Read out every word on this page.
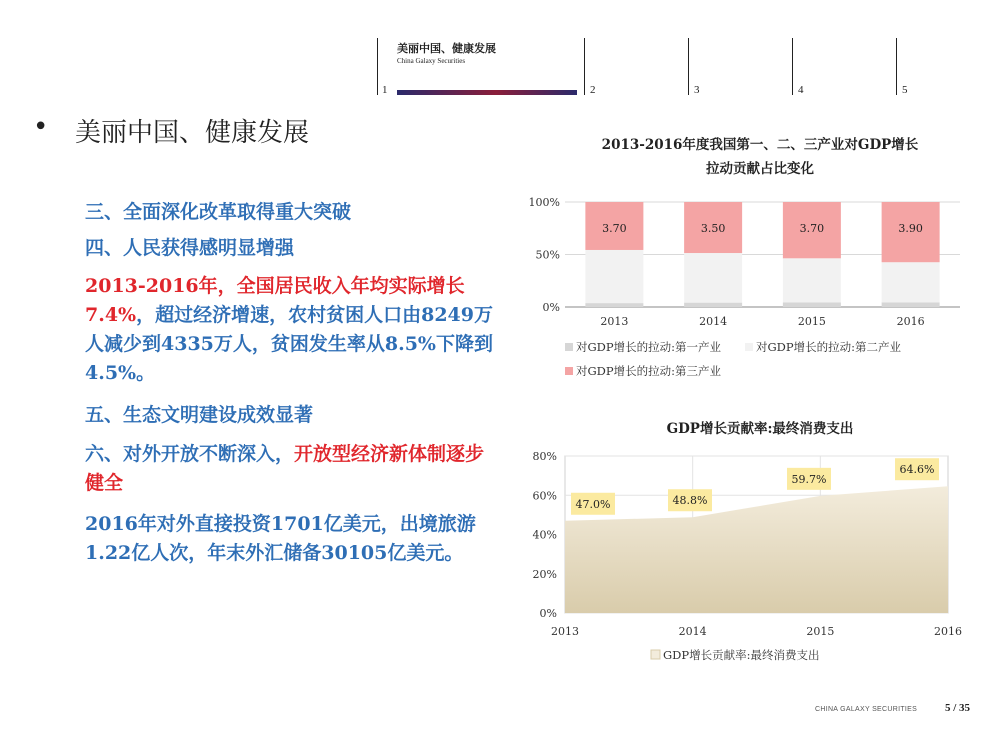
美丽中国、健康发展
China Galaxy Securities
1	2	3	4	5
• 美丽中国、健康发展
三、全面深化改革取得重大突破
四、人民获得感明显增强
2013-2016年，全国居民收入年均实际增长7.4%，超过经济增速，农村贫困人口由8249万人减少到4335万人，贫困发生率从8.5%下降到4.5%。
五、生态文明建设成效显著
六、对外开放不断深入，开放型经济新体制逐步健全
2016年对外直接投资1701亿美元，出境旅游1.22亿人次，年末外汇储备30105亿美元。
2013-2016年度我国第一、二、三产业对GDP增长
拉动贡献占比变化
0%
50%
100%
3.70
2013
3.50
2014
3.70
2015
3.90
2016
对GDP增长的拉动:第一产业	对GDP增长的拉动:第二产业
对GDP增长的拉动:第三产业
GDP增长贡献率:最终消费支出
0%
20%
40%
60%
80%
47.0%	48.8%
59.7%
64.6%
2013	2014	2015	2016
GDP增长贡献率:最终消费支出
CHINA GALAXY SECURITIES	5 / 35
